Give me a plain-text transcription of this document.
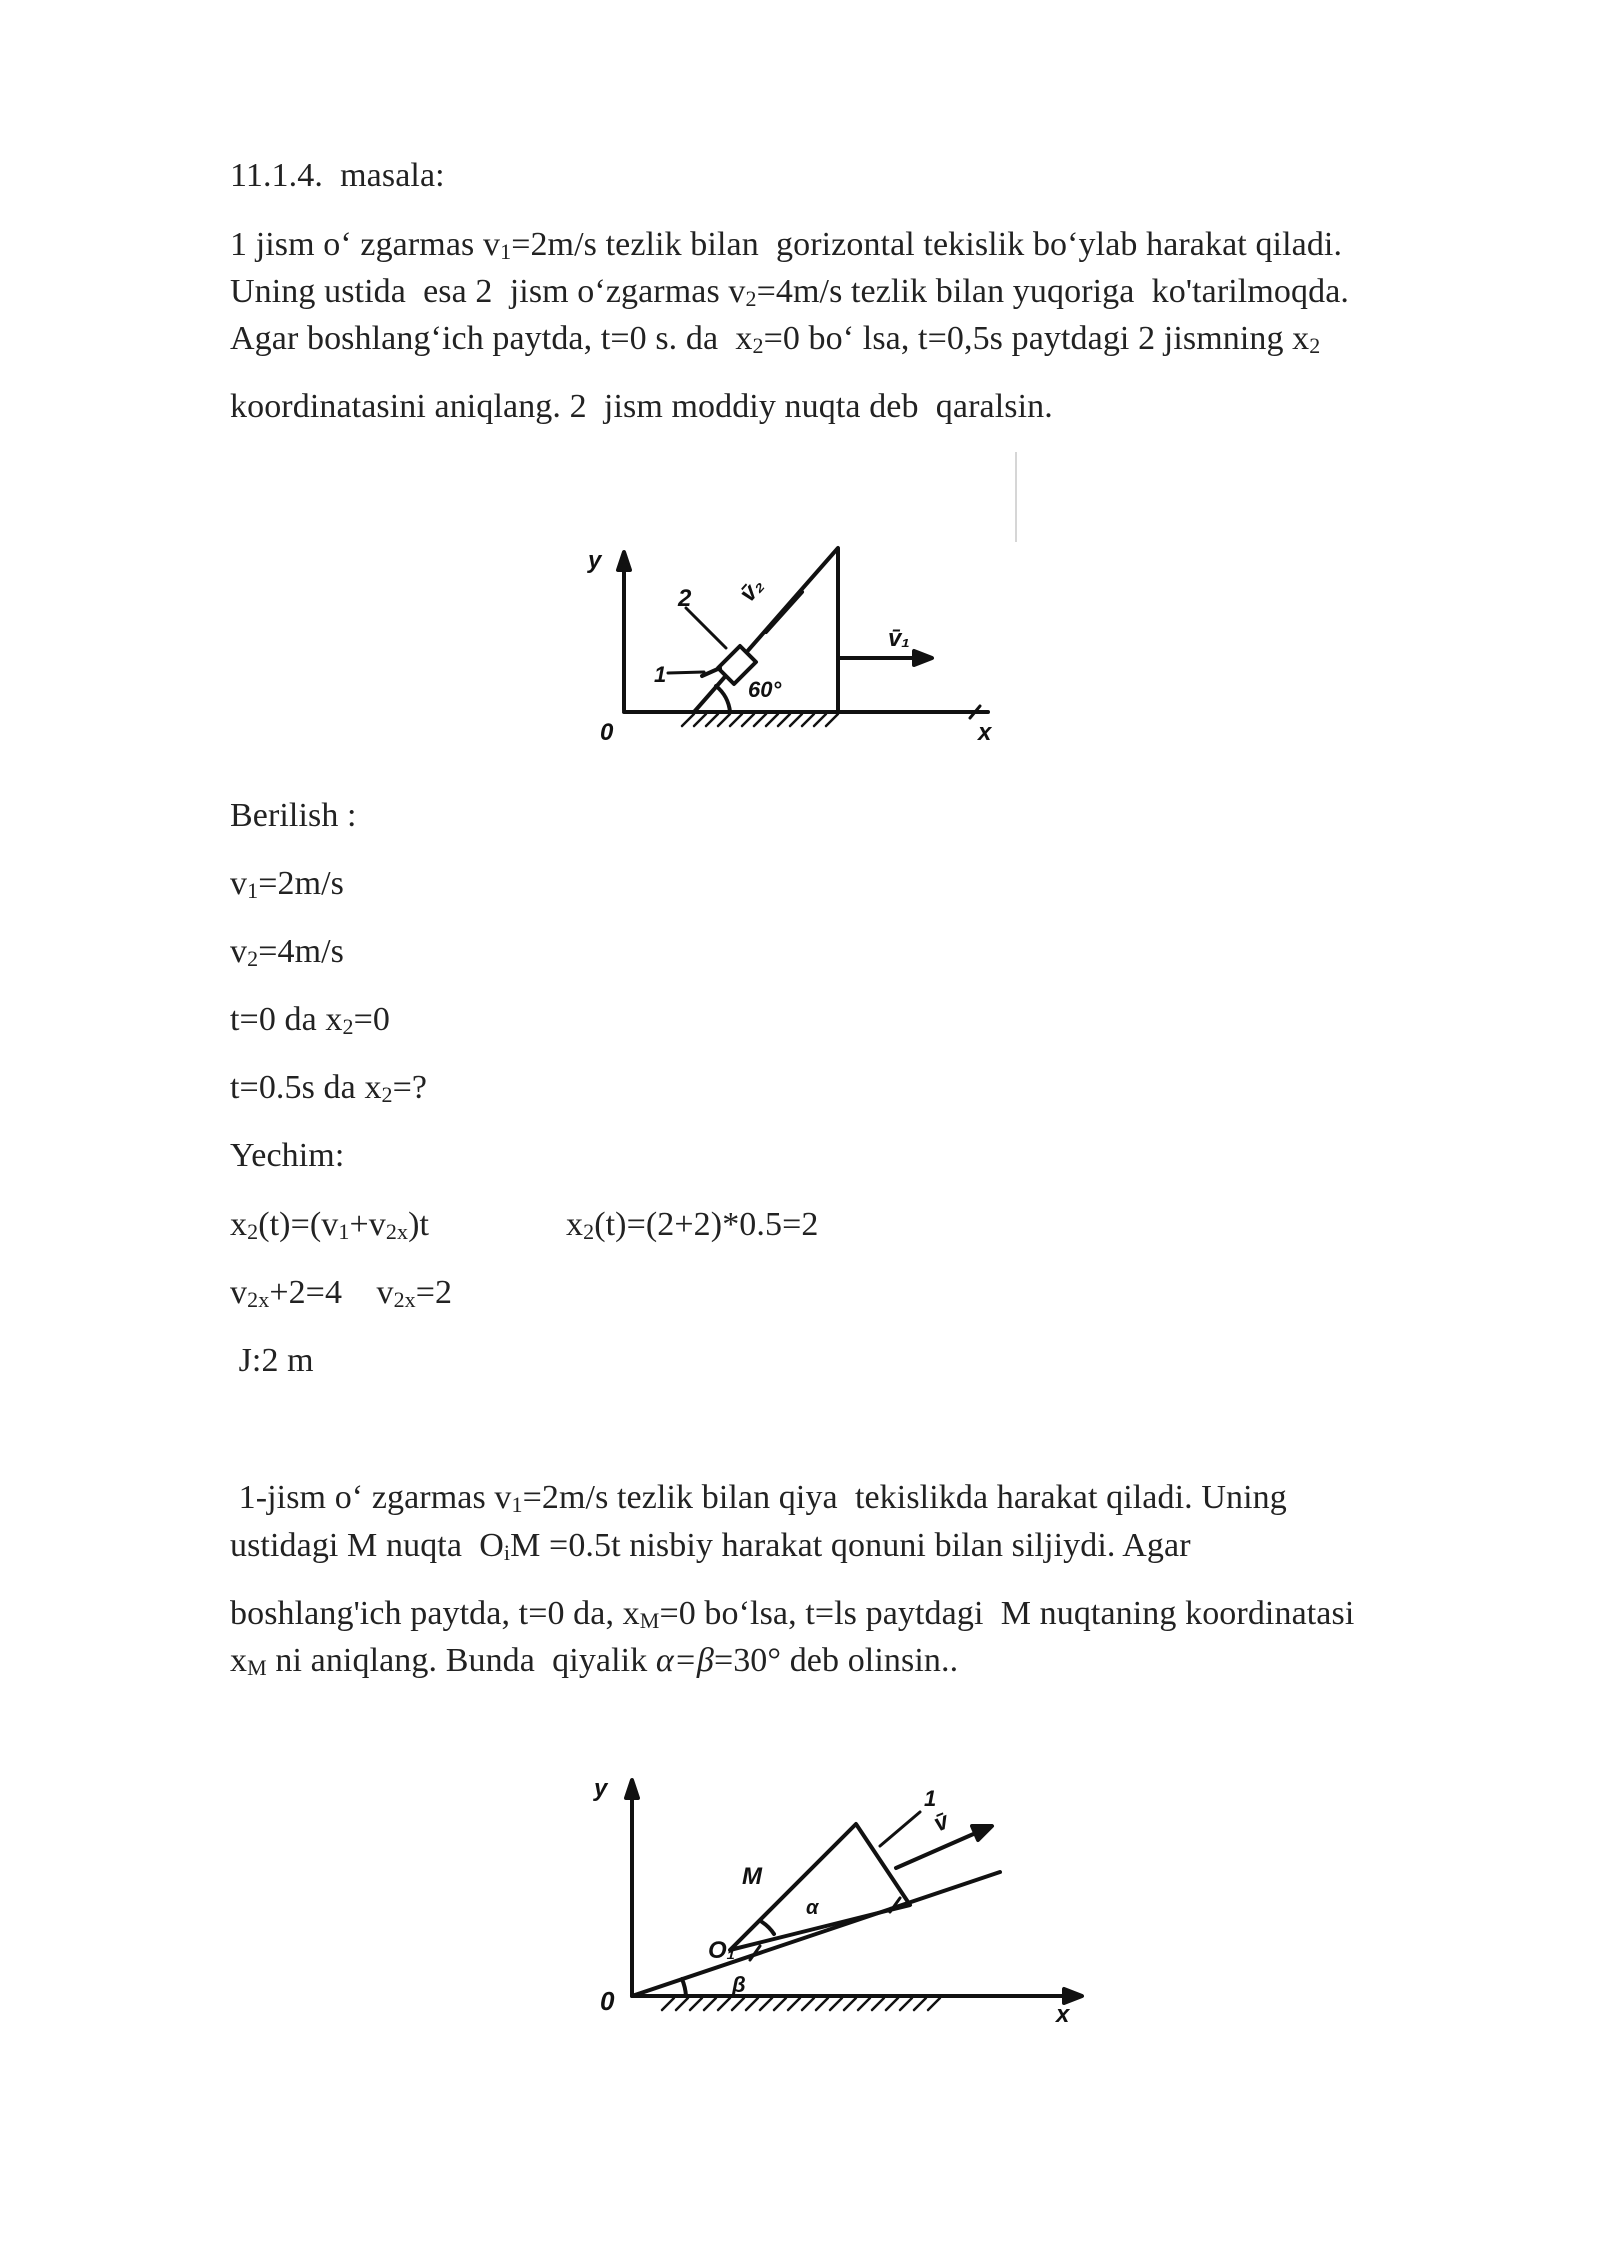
11.1.4.  masala:
1 jism o‘ zgarmas $v_1=2m/s$ tezlik bilan  gorizontal tekislik bo‘ylab harakat qiladi.
Uning ustida  esa 2  jism o‘zgarmas $v_2=4m/s$ tezlik bilan yuqoriga  ko'tarilmoqda.
Agar boshlang‘ich paytda, t=0 s. da  $x_2=0$ bo‘ lsa, t=0,5s paytdagi 2 jismning $x_2$
koordinatasini aniqlang. 2  jism moddiy nuqta deb  qaralsin.
y
0	x
1
2
60°
v̄₁
v̄₂
Berilish :
$v_1=2m/s$
$v_2=4m/s$
t=0 da $x_2=0$
t=0.5s da $x_2=$?
Yechim:
$x_2(t)=(v_1+v_{2x})t$	$x_2(t)=(2+2)*0.5=2$
$v_{2x}+2=4$    $v_{2x}=2$
J:2 m
1-jism o‘ zgarmas $v_1=2m/s$ tezlik bilan qiya  tekislikda harakat qiladi. Uning
ustidagi M nuqta  $O_iM =0.5t$ nisbiy harakat qonuni bilan siljiydi. Agar
boshlang'ich paytda, t=0 da, $x_M=0$ bo‘lsa, t=ls paytdagi  M nuqtaning koordinatasi
$x_M$ ni aniqlang. Bunda  qiyalik α=β=30° deb olinsin..
y
0	x
M
O₁
α
β
1
v̄
